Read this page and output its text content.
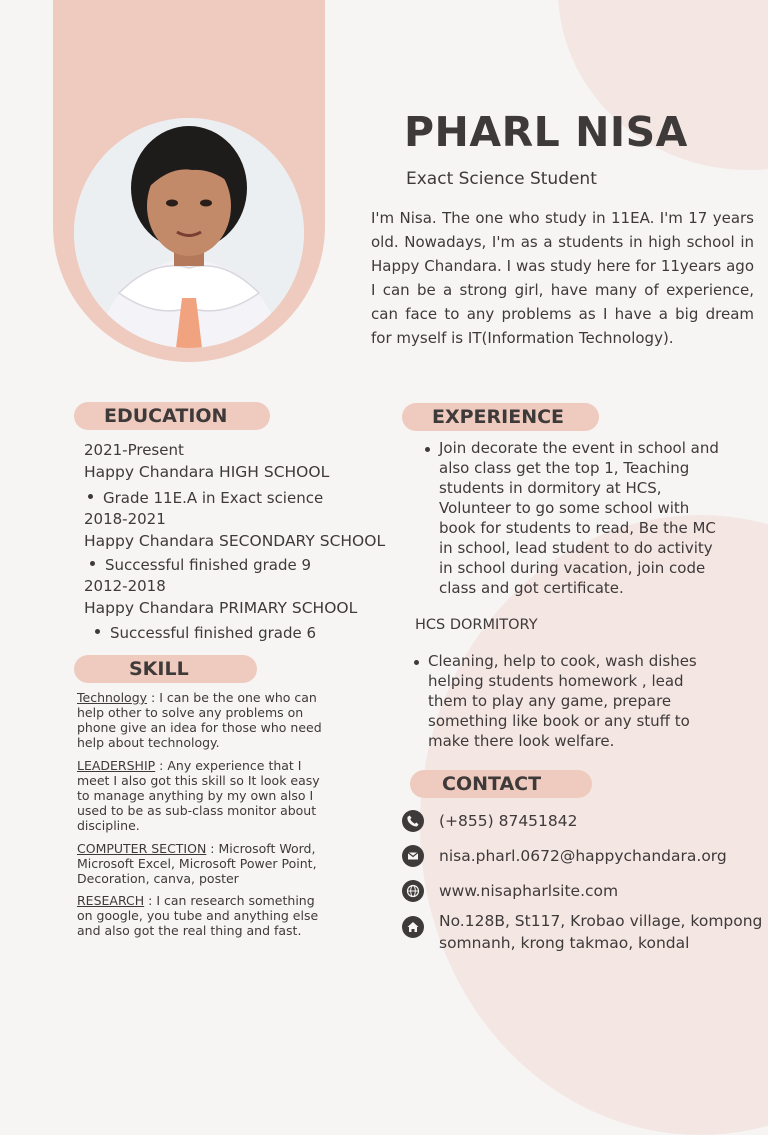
PHARL NISA
Exact Science Student
I'm Nisa. The one who study in 11EA. I'm 17 years old. Nowadays, I'm as a students in high school in Happy Chandara. I was study here for 11years ago I can be a strong girl, have many of experience, can face to any problems as I have a big dream for myself is IT(Information Technology).
EDUCATION
2021-Present
Happy Chandara HIGH SCHOOL
Grade 11E.A in Exact science
2018-2021
Happy Chandara SECONDARY SCHOOL
Successful finished grade 9
2012-2018
Happy Chandara PRIMARY SCHOOL
Successful finished grade 6
SKILL
Technology : I can be the one who can help other to solve any problems on phone give an idea for those who need help about technology.
LEADERSHIP : Any experience that I meet I also got this skill so It look easy to manage anything by my own also I used to be as sub-class monitor about discipline.
COMPUTER SECTION : Microsoft Word, Microsoft Excel, Microsoft Power Point, Decoration, canva, poster
RESEARCH : I can research something on google, you tube and anything else and also got the real thing and fast.
EXPERIENCE
Join decorate the event in school and also class get the top 1, Teaching students in dormitory at HCS, Volunteer to go some school with book for students to read, Be the MC in school, lead student to do activity in school during vacation, join code class and got certificate.
HCS DORMITORY
Cleaning, help to cook, wash dishes helping students homework , lead them to play any game, prepare something like book or any stuff to make there look welfare.
CONTACT
(+855) 87451842
nisa.pharl.0672@happychandara.org
www.nisapharlsite.com
No.128B, St117, Krobao village, kompong
somnanh, krong takmao, kondal
